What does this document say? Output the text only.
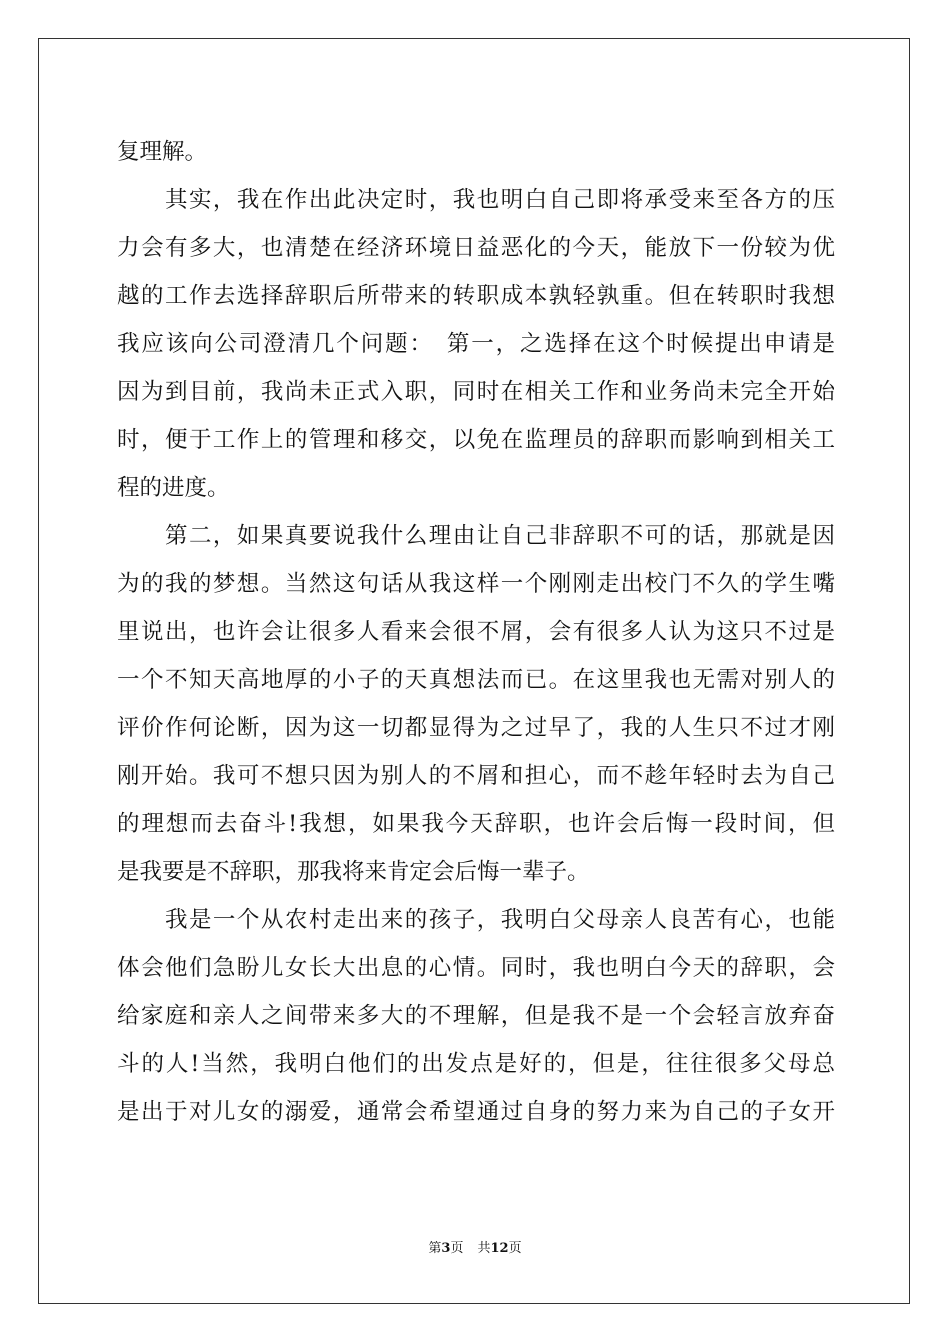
复理解。
　　其实，我在作出此决定时，我也明白自己即将承受来至各方的压
力会有多大，也清楚在经济环境日益恶化的今天，能放下一份较为优
越的工作去选择辞职后所带来的转职成本孰轻孰重。但在转职时我想
我应该向公司澄清几个问题：　第一，之选择在这个时候提出申请是
因为到目前，我尚未正式入职，同时在相关工作和业务尚未完全开始
时，便于工作上的管理和移交，以免在监理员的辞职而影响到相关工
程的进度。
　　第二，如果真要说我什么理由让自己非辞职不可的话，那就是因
为的我的梦想。当然这句话从我这样一个刚刚走出校门不久的学生嘴
里说出，也许会让很多人看来会很不屑，会有很多人认为这只不过是
一个不知天高地厚的小子的天真想法而已。在这里我也无需对别人的
评价作何论断，因为这一切都显得为之过早了，我的人生只不过才刚
刚开始。我可不想只因为别人的不屑和担心，而不趁年轻时去为自己
的理想而去奋斗!我想，如果我今天辞职，也许会后悔一段时间，但
是我要是不辞职，那我将来肯定会后悔一辈子。
　　我是一个从农村走出来的孩子，我明白父母亲人良苦有心，也能
体会他们急盼儿女长大出息的心情。同时，我也明白今天的辞职，会
给家庭和亲人之间带来多大的不理解，但是我不是一个会轻言放弃奋
斗的人!当然，我明白他们的出发点是好的，但是，往往很多父母总
是出于对儿女的溺爱，通常会希望通过自身的努力来为自己的子女开
第3页 共12页
